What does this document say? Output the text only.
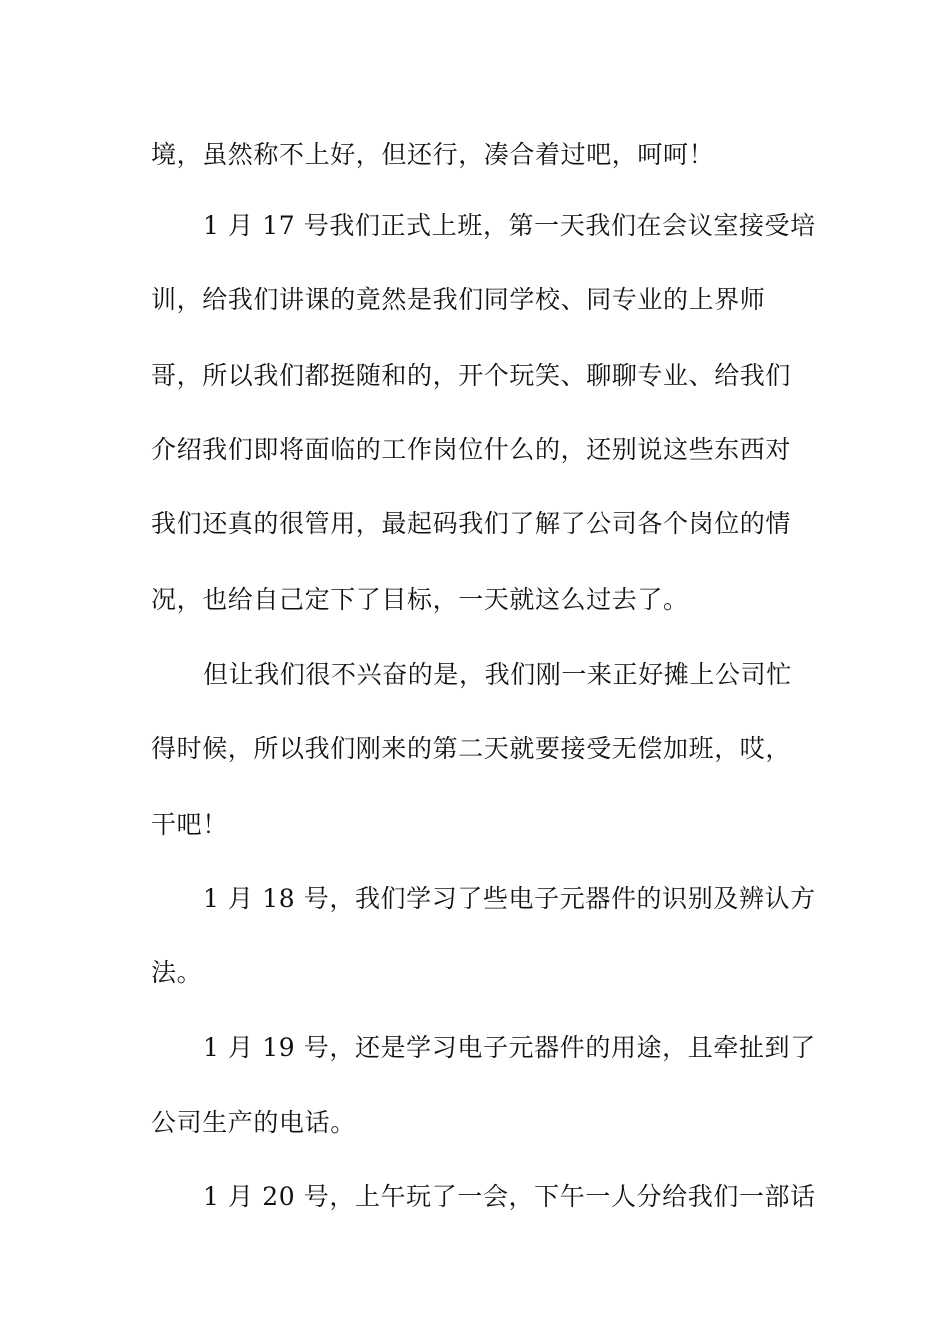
境，虽然称不上好，但还行，凑合着过吧，呵呵！
1 月 17 号我们正式上班，第一天我们在会议室接受培
训，给我们讲课的竟然是我们同学校、同专业的上界师
哥，所以我们都挺随和的，开个玩笑、聊聊专业、给我们
介绍我们即将面临的工作岗位什么的，还别说这些东西对
我们还真的很管用，最起码我们了解了公司各个岗位的情
况，也给自己定下了目标，一天就这么过去了。
但让我们很不兴奋的是，我们刚一来正好摊上公司忙
得时候，所以我们刚来的第二天就要接受无偿加班，哎，
干吧！
1 月 18 号，我们学习了些电子元器件的识别及辨认方
法。
1 月 19 号，还是学习电子元器件的用途，且牵扯到了
公司生产的电话。
1 月 20 号，上午玩了一会，下午一人分给我们一部话
